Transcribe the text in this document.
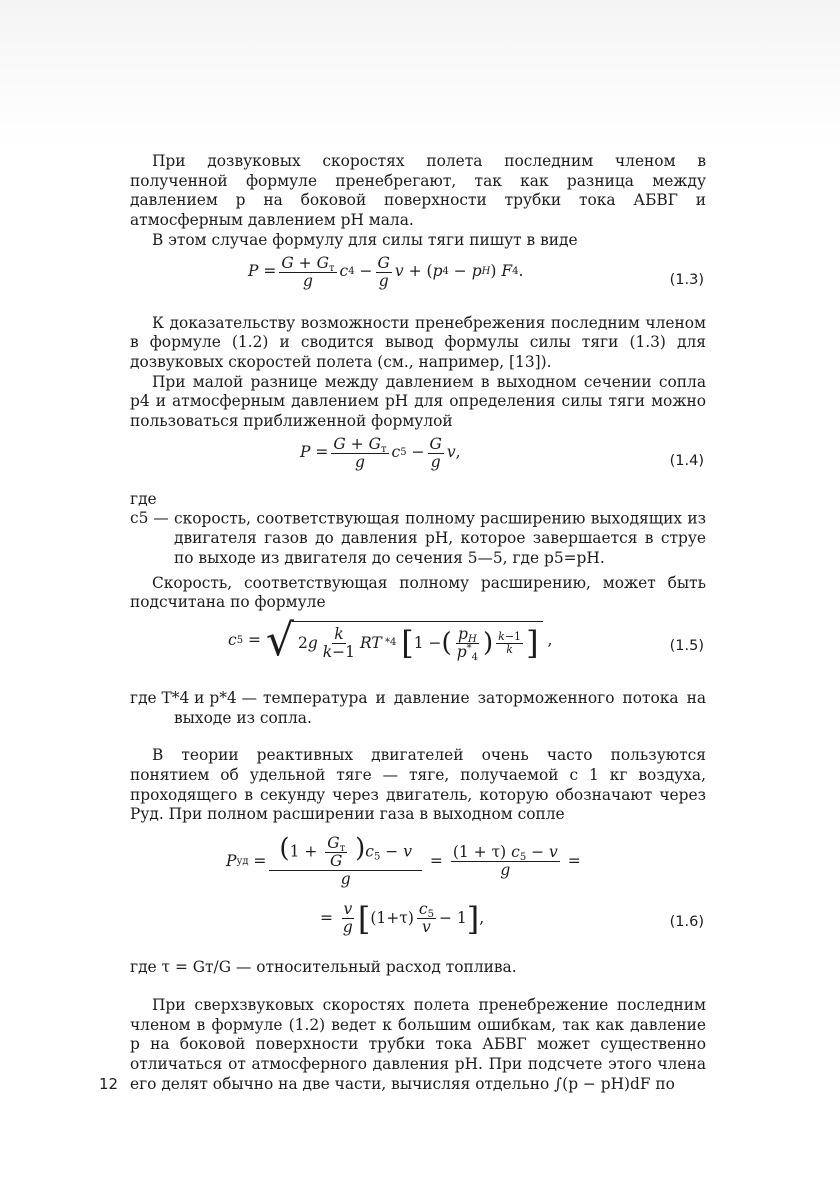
При дозвуковых скоростях полета последним членом в полученной формуле пренебрегают, так как разница между давлением p на боковой поверхности трубки тока АБВГ и атмосферным давлением pH мала.

В этом случае формулу для силы тяги пишут в виде

$P = \frac{G + G_т}{g}$ c $4 - \frac{G}{g}$ v + ( p 4 − p H ) F 4 .	(1.3)

К доказательству возможности пренебрежения последним членом в формуле (1.2) и сводится вывод формулы силы тяги (1.3) для дозвуковых скоростей полета (см., например, [13]).

При малой разнице между давлением в выходном сечении сопла p4 и атмосферным давлением pH для определения силы тяги можно пользоваться приближенной формулой

$P = \frac{G + G_т}{g}$ c $5 - \frac{G}{g}$ v ,	(1.4)

где c5 — скорость, соответствующая полному расширению выходящих из двигателя газов до давления pH, которое завершается в струе по выходе из двигателя до сечения 5—5, где p5=pH.

Скорость, соответствующая полному расширению, может быть подсчитана по формуле

c 5 = √ 2 g $\frac{k}{k-1}$ RT * 4
[ 1 − ( $\frac{p_H}{p^*_4}$ ) $\frac{k-1}{k}$ ] ,	(1.5)

где T*4 и p*4 — температура и давление заторможенного потока на выходе из сопла.

В теории реактивных двигателей очень часто пользуются понятием об удельной тяге — тяге, получаемой с 1 кг воздуха, проходящего в секунду через двигатель, которую обозначают через Pуд. При полном расширении газа в выходном сопле

P уд = $\frac{(1 + \frac{G_т}{G} )c_5 - v}{g} = \frac{(1 + \tau) c_5 - v}{g}$ =
= $\frac{v}{g}$ [ $(1+\tau) \frac{c_5}{v} - 1$ ] ,	(1.6)

где τ = Gт/G — относительный расход топлива.

При сверхзвуковых скоростях полета пренебрежение последним членом в формуле (1.2) ведет к большим ошибкам, так как давление p на боковой поверхности трубки тока АБВГ может существенно отличаться от атмосферного давления pH. При подсчете этого члена его делят обычно на две части, вычисляя отдельно ∫(p − pH)dF по

12
